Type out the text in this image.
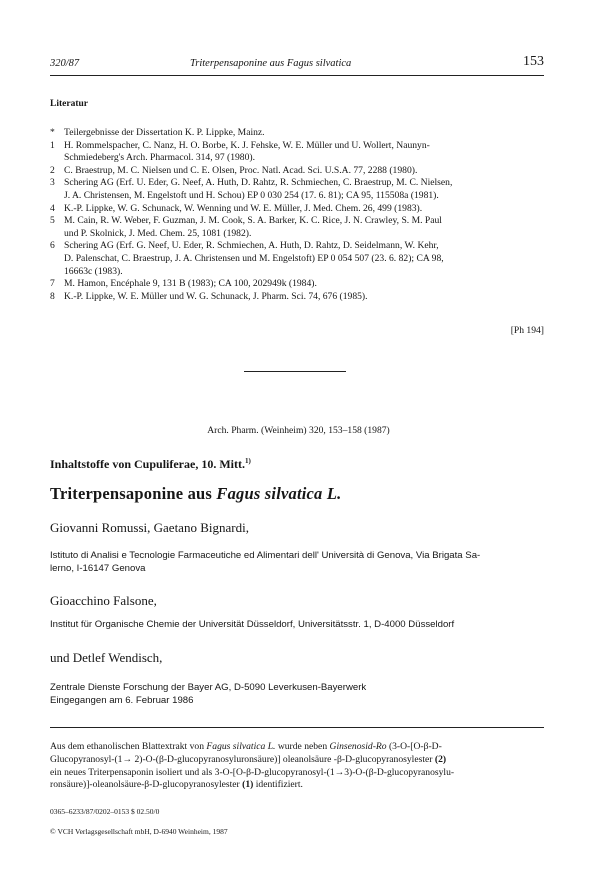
320/87	Triterpensaponine aus Fagus silvatica	153
Literatur
* Teilergebnisse der Dissertation K. P. Lippke, Mainz.
1 H. Rommelspacher, C. Nanz, H. O. Borbe, K. J. Fehske, W. E. Müller und U. Wollert, Naunyn-
Schmiedeberg's Arch. Pharmacol. 314, 97 (1980).
2 C. Braestrup, M. C. Nielsen und C. E. Olsen, Proc. Natl. Acad. Sci. U.S.A. 77, 2288 (1980).
3 Schering AG (Erf. U. Eder, G. Neef, A. Huth, D. Rahtz, R. Schmiechen, C. Braestrup, M. C. Nielsen,
J. A. Christensen, M. Engelstoft und H. Schou) EP 0 030 254 (17. 6. 81); CA 95, 115508a (1981).
4 K.-P. Lippke, W. G. Schunack, W. Wenning und W. E. Müller, J. Med. Chem. 26, 499 (1983).
5 M. Cain, R. W. Weber, F. Guzman, J. M. Cook, S. A. Barker, K. C. Rice, J. N. Crawley, S. M. Paul
und P. Skolnick, J. Med. Chem. 25, 1081 (1982).
6 Schering AG (Erf. G. Neef, U. Eder, R. Schmiechen, A. Huth, D. Rahtz, D. Seidelmann, W. Kehr,
D. Palenschat, C. Braestrup, J. A. Christensen und M. Engelstoft) EP 0 054 507 (23. 6. 82); CA 98,
16663c (1983).
7 M. Hamon, Encéphale 9, 131 B (1983); CA 100, 202949k (1984).
8 K.-P. Lippke, W. E. Müller und W. G. Schunack, J. Pharm. Sci. 74, 676 (1985).
[Ph 194]
Arch. Pharm. (Weinheim) 320, 153–158 (1987)
Inhaltstoffe von Cupuliferae, 10. Mitt.$^{1)}$
Triterpensaponine aus Fagus silvatica L.
Giovanni Romussi, Gaetano Bignardi,
Istituto di Analisi e Tecnologie Farmaceutiche ed Alimentari dell' Università di Genova, Via Brigata Sa-
lerno, I-16147 Genova
Gioacchino Falsone,
Institut für Organische Chemie der Universität Düsseldorf, Universitätsstr. 1, D-4000 Düsseldorf
und Detlef Wendisch,
Zentrale Dienste Forschung der Bayer AG, D-5090 Leverkusen-Bayerwerk
Eingegangen am 6. Februar 1986
Aus dem ethanolischen Blattextrakt von Fagus silvatica L. wurde neben Ginsenosid-Ro (3-O-[O-β-D-
Glucopyranosyl-(1→ 2)-O-(β-D-glucopyranosyluronsäure)] oleanolsäure -β-D-glucopyranosylester (2)
ein neues Triterpensaponin isoliert und als 3-O-[O-β-D-glucopyranosyl-(1→3)-O-(β-D-glucopyranosylu-
ronsäure)]-oleanolsäure-β-D-glucopyranosylester (1) identifiziert.
0365–6233/87/0202–0153 $ 02.50/0
© VCH Verlagsgesellschaft mbH, D-6940 Weinheim, 1987
